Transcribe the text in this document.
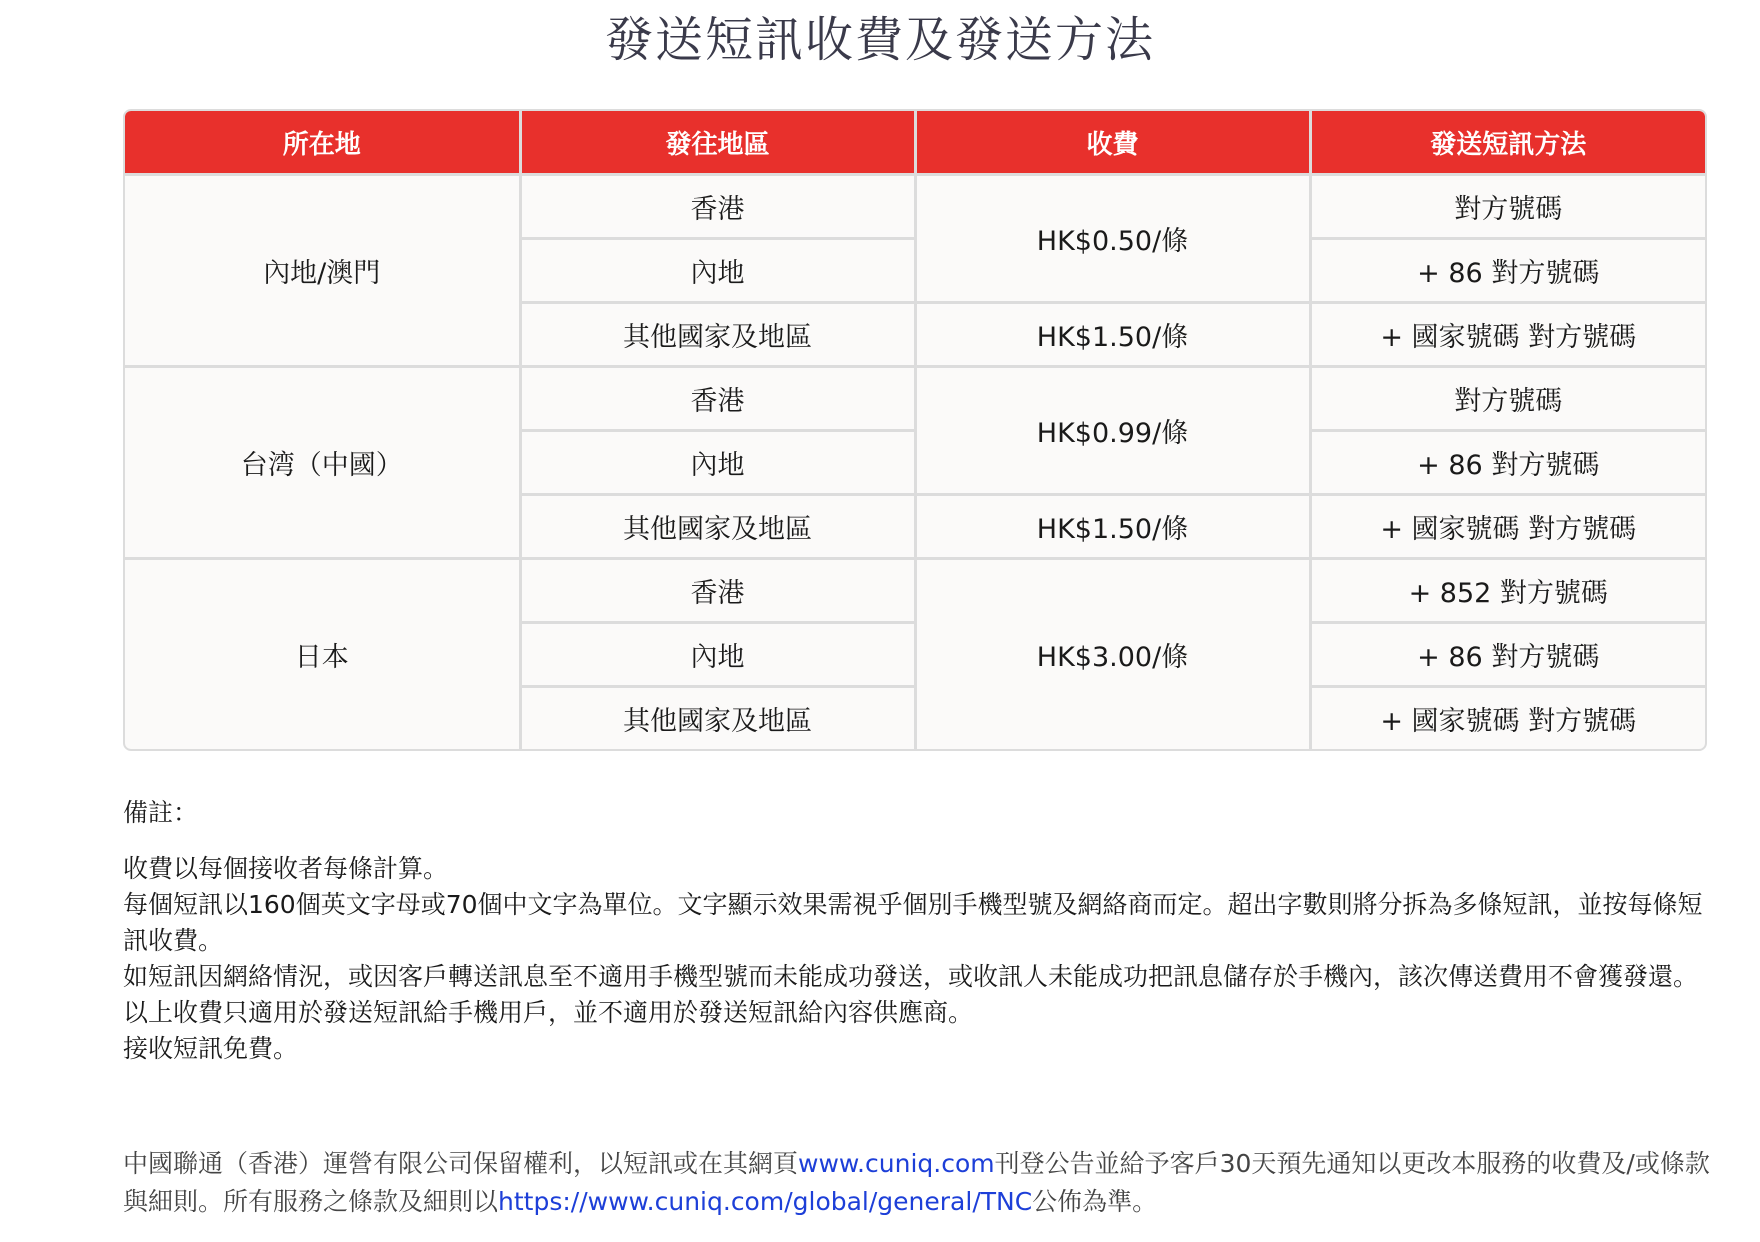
發送短訊收費及發送方法
所在地	發往地區	收費	發送短訊方法
內地/澳門	香港	HK$0.50/條	對方號碼
	內地		+ 86 對方號碼
	其他國家及地區	HK$1.50/條	+ 國家號碼 對方號碼
台湾（中國）	香港	HK$0.99/條	對方號碼
	內地		+ 86 對方號碼
	其他國家及地區	HK$1.50/條	+ 國家號碼 對方號碼
日本	香港	HK$3.00/條	+ 852 對方號碼
	內地		+ 86 對方號碼
	其他國家及地區		+ 國家號碼 對方號碼
備註：

收費以每個接收者每條計算。

每個短訊以160個英文字母或70個中文字為單位。文字顯示效果需視乎個別手機型號及網絡商而定。超出字數則將分拆為多條短訊，並按每條短訊收費。

如短訊因網絡情況，或因客戶轉送訊息至不適用手機型號而未能成功發送，或收訊人未能成功把訊息儲存於手機內，該次傳送費用不會獲發還。

以上收費只適用於發送短訊給手機用戶，並不適用於發送短訊給內容供應商。

接收短訊免費。

中國聯通（香港）運營有限公司保留權利，以短訊或在其網頁www.cuniq.com刊登公告並給予客戶30天預先通知以更改本服務的收費及/或條款與細則。所有服務之條款及細則以https://www.cuniq.com/global/general/TNC公佈為準。
